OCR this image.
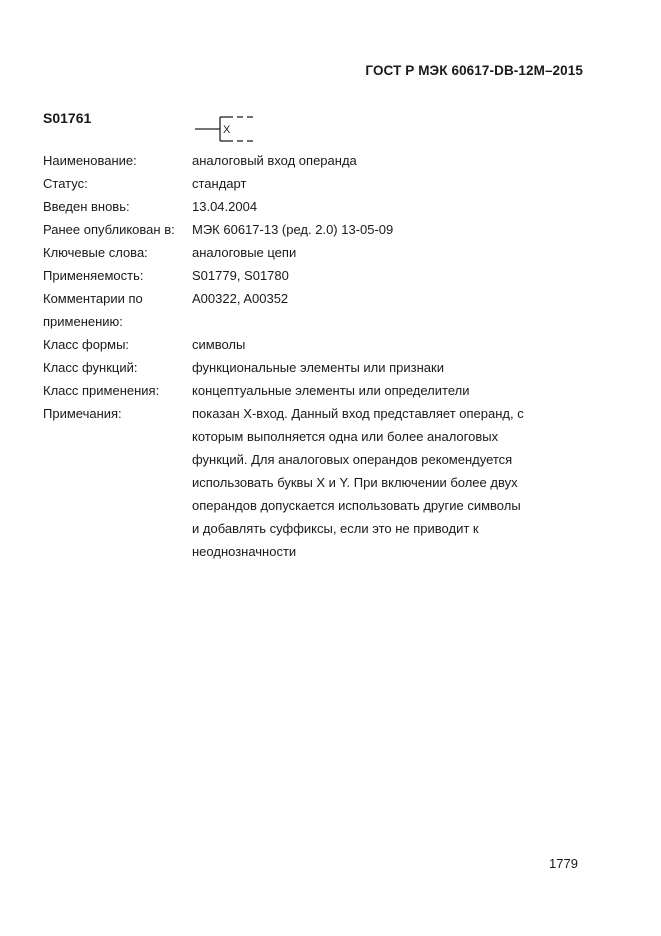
ГОСТ Р МЭК 60617-DB-12M–2015
S01761
X
Наименование:	аналоговый вход операнда
Статус:	стандарт
Введен вновь:	13.04.2004
Ранее опубликован в:	МЭК 60617-13 (ред. 2.0) 13-05-09
Ключевые слова:	аналоговые цепи
Применяемость:	S01779, S01780
Комментарии по	A00322, A00352
применению:
Класс формы:	символы
Класс функций:	функциональные элементы или признаки
Класс применения:	концептуальные элементы или определители
Примечания:	показан X-вход. Данный вход представляет операнд, с
которым выполняется одна или более аналоговых
функций. Для аналоговых операндов рекомендуется
использовать буквы X и Y. При включении более двух
операндов допускается использовать другие символы
и добавлять суффиксы, если это не приводит к
неоднозначности
1779
